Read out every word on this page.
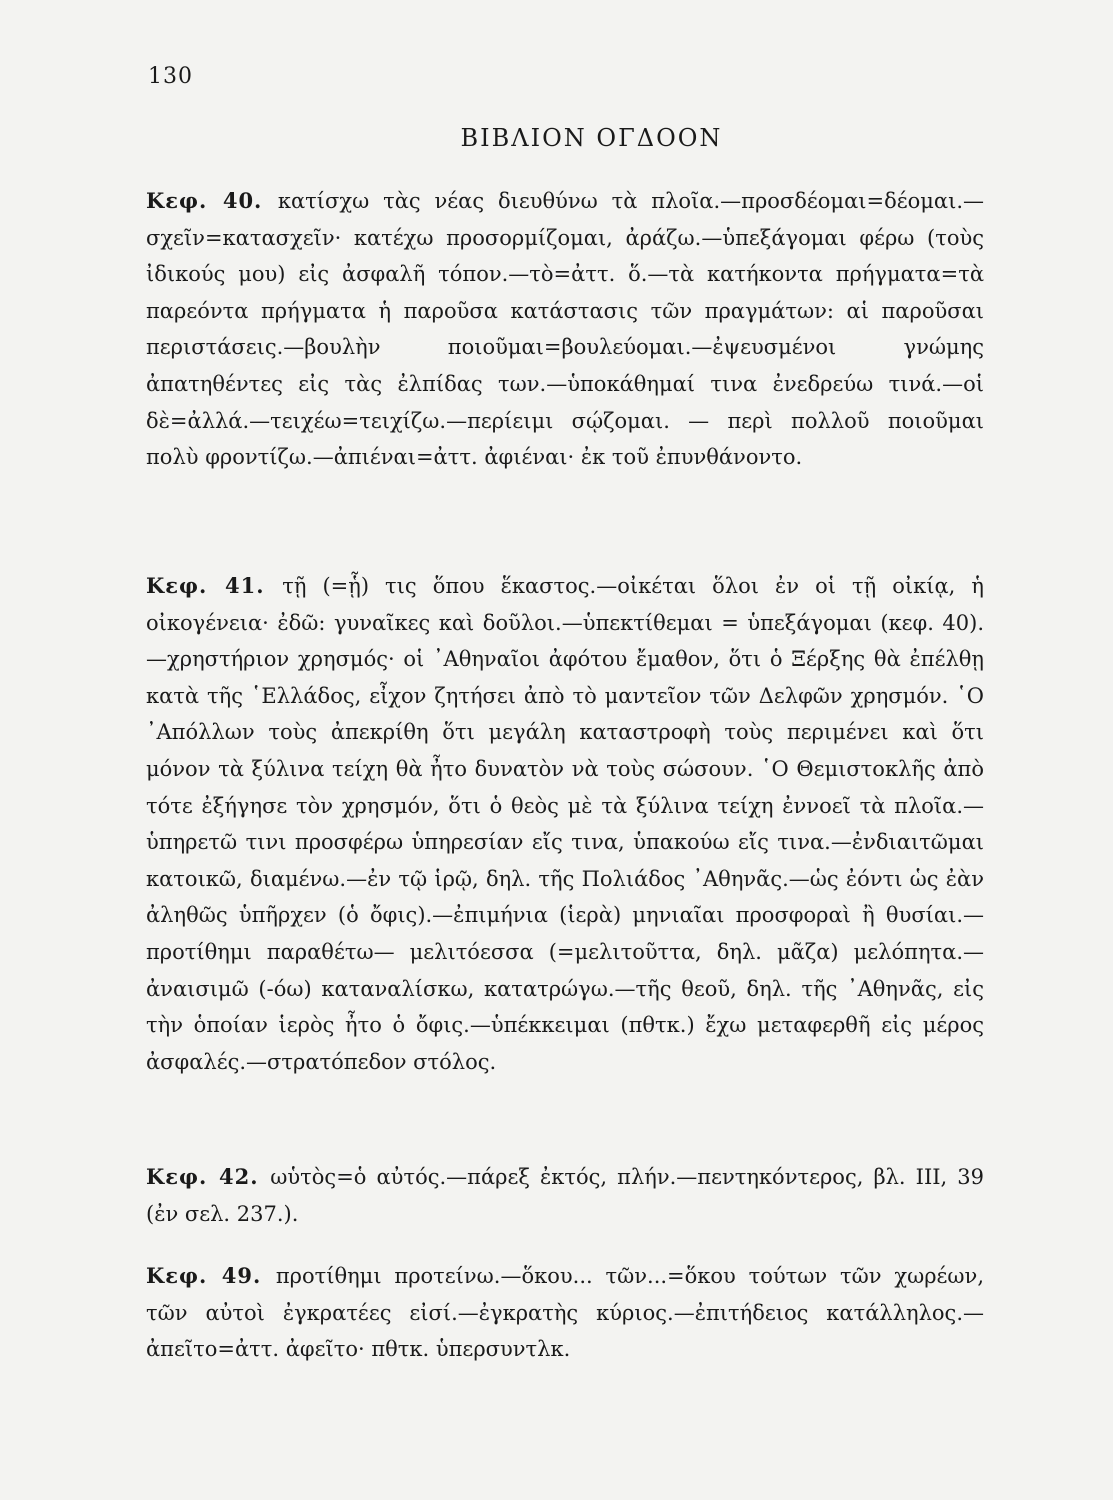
130
ΒΙΒΛΙΟΝ ΟΓΔΟΟΝ
Κεφ. 40. κατίσχω τὰς νέας διευθύνω τὰ πλοῖα.—προσδέομαι=δέομαι.—σχεῖν=κατασχεῖν· κατέχω προσορμίζομαι, ἀράζω.—ὑπεξάγομαι φέρω (τοὺς ἰδικούς μου) εἰς ἀσφαλῆ τόπον.—τὸ=ἀττ. ὅ.—τὰ κατήκοντα πρήγματα=τὰ παρεόντα πρήγματα ἡ παροῦσα κατάστασις τῶν πραγμάτων: αἱ παροῦσαι περιστάσεις.—βουλὴν ποιοῦμαι=βουλεύομαι.—ἐψευσμένοι γνώμης ἀπατηθέντες εἰς τὰς ἐλπίδας των.—ὑποκάθημαί τινα ἐνεδρεύω τινά.—οἱ δὲ=ἀλλά.—τειχέω=τειχίζω.—περίειμι σῴζομαι. — περὶ πολλοῦ ποιοῦμαι πολὺ φροντίζω.—ἀπιέναι=ἀττ. ἀφιέναι· ἐκ τοῦ ἐπυνθάνοντο.
Κεφ. 41. τῇ (=ᾗ) τις ὅπου ἕκαστος.—οἰκέται ὅλοι ἐν οἱ τῇ οἰκίᾳ, ἡ οἰκογένεια· ἐδῶ: γυναῖκες καὶ δοῦλοι.—ὑπεκτίθεμαι = ὑπεξάγομαι (κεφ. 40).—χρηστήριον χρησμός· οἱ ᾿Αθηναῖοι ἀφότου ἔμαθον, ὅτι ὁ Ξέρξης θὰ ἐπέλθῃ κατὰ τῆς ῾Ελλάδος, εἶχον ζητήσει ἀπὸ τὸ μαντεῖον τῶν Δελφῶν χρησμόν. ῾Ο ᾿Απόλλων τοὺς ἀπεκρίθη ὅτι μεγάλη καταστροφὴ τοὺς περιμένει καὶ ὅτι μόνον τὰ ξύλινα τείχη θὰ ἦτο δυνατὸν νὰ τοὺς σώσουν. ῾Ο Θεμιστοκλῆς ἀπὸ τότε ἐξήγησε τὸν χρησμόν, ὅτι ὁ θεὸς μὲ τὰ ξύλινα τείχη ἐννοεῖ τὰ πλοῖα.—ὑπηρετῶ τινι προσφέρω ὑπηρεσίαν εἴς τινα, ὑπακούω εἴς τινα.—ἐνδιαιτῶμαι κατοικῶ, διαμένω.—ἐν τῷ ἱρῷ, δηλ. τῆς Πολιάδος ᾿Αθηνᾶς.—ὡς ἐόντι ὡς ἐὰν ἀληθῶς ὑπῆρχεν (ὁ ὄφις).—ἐπιμήνια (ἱερὰ) μηνιαῖαι προσφοραὶ ἢ θυσίαι.—προτίθημι παραθέτω— μελιτόεσσα (=μελιτοῦττα, δηλ. μᾶζα) μελόπητα.—ἀναισιμῶ (-όω) καταναλίσκω, κατατρώγω.—τῆς θεοῦ, δηλ. τῆς ᾿Αθηνᾶς, εἰς τὴν ὁποίαν ἱερὸς ἦτο ὁ ὄφις.—ὑπέκκειμαι (πθτκ.) ἔχω μεταφερθῆ εἰς μέρος ἀσφαλές.—στρατόπεδον στόλος.
Κεφ. 42. ωὑτὸς=ὁ αὐτός.—πάρεξ ἐκτός, πλήν.—πεντηκόντερος, βλ. ΙΙΙ, 39 (ἐν σελ. 237.).
Κεφ. 49. προτίθημι προτείνω.—ὅκου... τῶν...=ὅκου τούτων τῶν χωρέων, τῶν αὐτοὶ ἐγκρατέες εἰσί.—ἐγκρατὴς κύριος.—ἐπιτήδειος κατάλληλος.—ἀπεῖτο=ἀττ. ἀφεῖτο· πθτκ. ὑπερσυντλκ.
